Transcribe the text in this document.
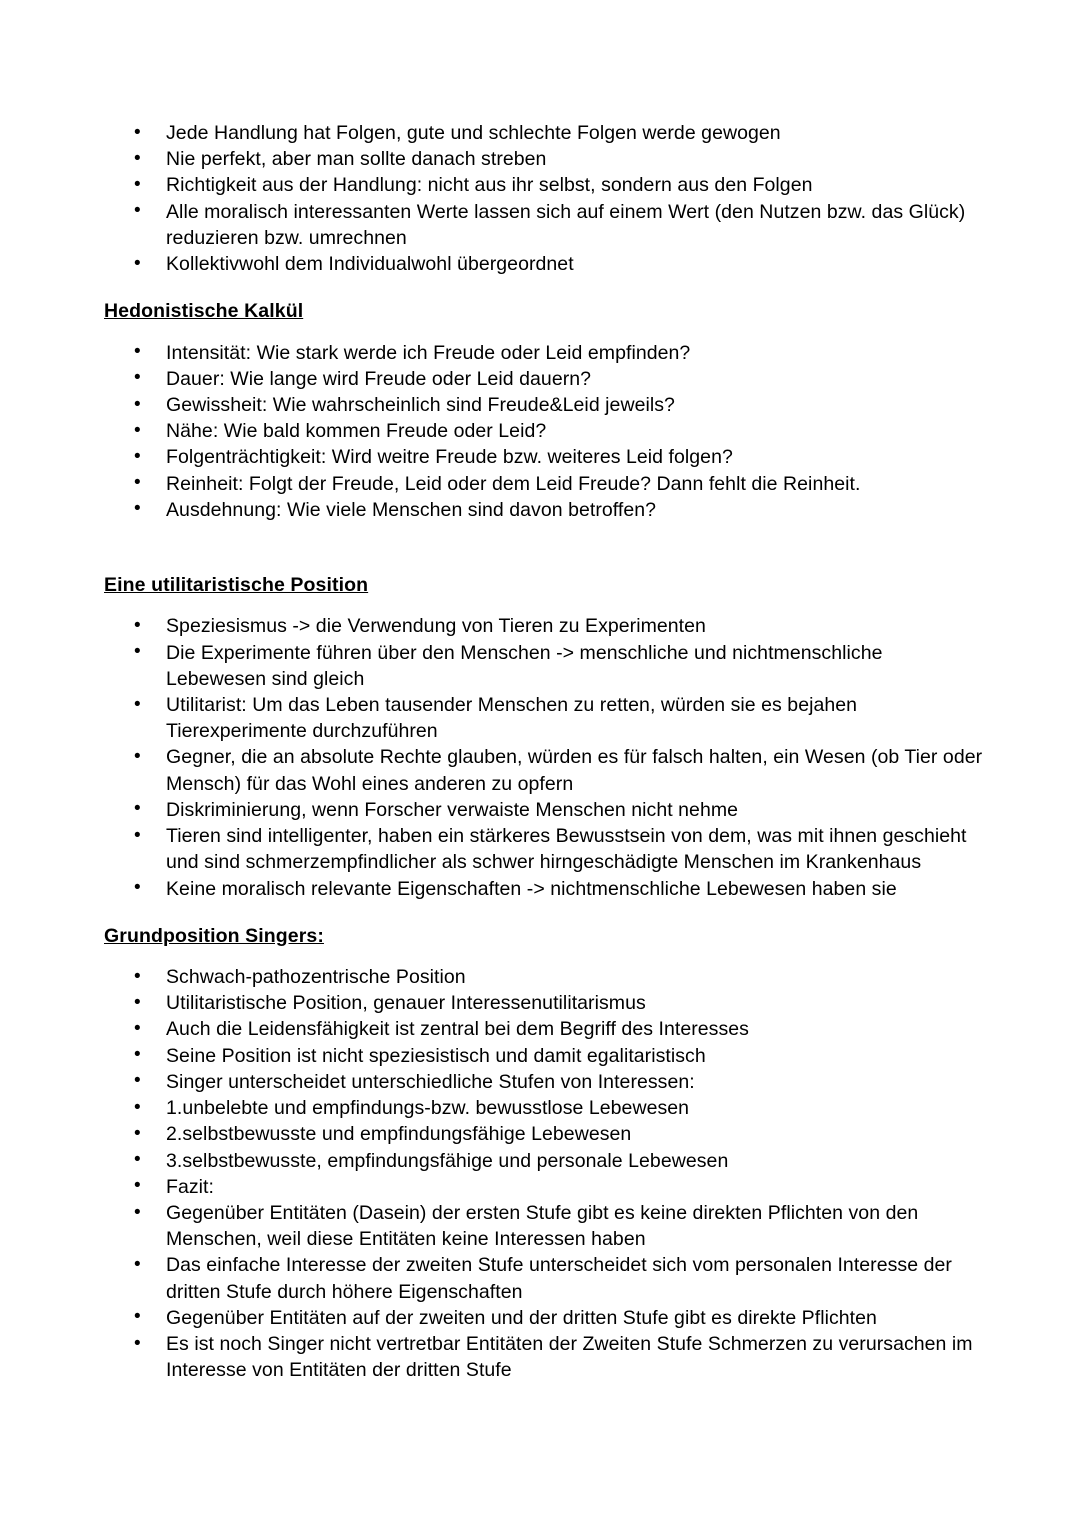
• Jede Handlung hat Folgen, gute und schlechte Folgen werde gewogen
• Nie perfekt, aber man sollte danach streben
• Richtigkeit aus der Handlung: nicht aus ihr selbst, sondern aus den Folgen
• Alle moralisch interessanten Werte lassen sich auf einem Wert (den Nutzen bzw. das Glück) reduzieren bzw. umrechnen
• Kollektivwohl dem Individualwohl übergeordnet
Hedonistische Kalkül
• Intensität: Wie stark werde ich Freude oder Leid empfinden?
• Dauer: Wie lange wird Freude oder Leid dauern?
• Gewissheit: Wie wahrscheinlich sind Freude&Leid jeweils?
• Nähe: Wie bald kommen Freude oder Leid?
• Folgenträchtigkeit: Wird weitre Freude bzw. weiteres Leid folgen?
• Reinheit: Folgt der Freude, Leid oder dem Leid Freude? Dann fehlt die Reinheit.
• Ausdehnung: Wie viele Menschen sind davon betroffen?
Eine utilitaristische Position
• Speziesismus -> die Verwendung von Tieren zu Experimenten
• Die Experimente führen über den Menschen -> menschliche und nichtmenschliche Lebewesen sind gleich
• Utilitarist: Um das Leben tausender Menschen zu retten, würden sie es bejahen Tierexperimente durchzuführen
• Gegner, die an absolute Rechte glauben, würden es für falsch halten, ein Wesen (ob Tier oder Mensch) für das Wohl eines anderen zu opfern
• Diskriminierung, wenn Forscher verwaiste Menschen nicht nehme
• Tieren sind intelligenter, haben ein stärkeres Bewusstsein von dem, was mit ihnen geschieht und sind schmerzempfindlicher als schwer hirngeschädigte Menschen im Krankenhaus
• Keine moralisch relevante Eigenschaften -> nichtmenschliche Lebewesen haben sie
Grundposition Singers:
• Schwach-pathozentrische Position
• Utilitaristische Position, genauer Interessenutilitarismus
• Auch die Leidensfähigkeit ist zentral bei dem Begriff des Interesses
• Seine Position ist nicht speziesistisch und damit egalitaristisch
• Singer unterscheidet unterschiedliche Stufen von Interessen:
• 1.unbelebte und empfindungs-bzw. bewusstlose Lebewesen
• 2.selbstbewusste und empfindungsfähige Lebewesen
• 3.selbstbewusste, empfindungsfähige und personale Lebewesen
• Fazit:
• Gegenüber Entitäten (Dasein) der ersten Stufe gibt es keine direkten Pflichten von den Menschen, weil diese Entitäten keine Interessen haben
• Das einfache Interesse der zweiten Stufe unterscheidet sich vom personalen Interesse der dritten Stufe durch höhere Eigenschaften
• Gegenüber Entitäten auf der zweiten und der dritten Stufe gibt es direkte Pflichten
• Es ist noch Singer nicht vertretbar Entitäten der Zweiten Stufe Schmerzen zu verursachen im Interesse von Entitäten der dritten Stufe
